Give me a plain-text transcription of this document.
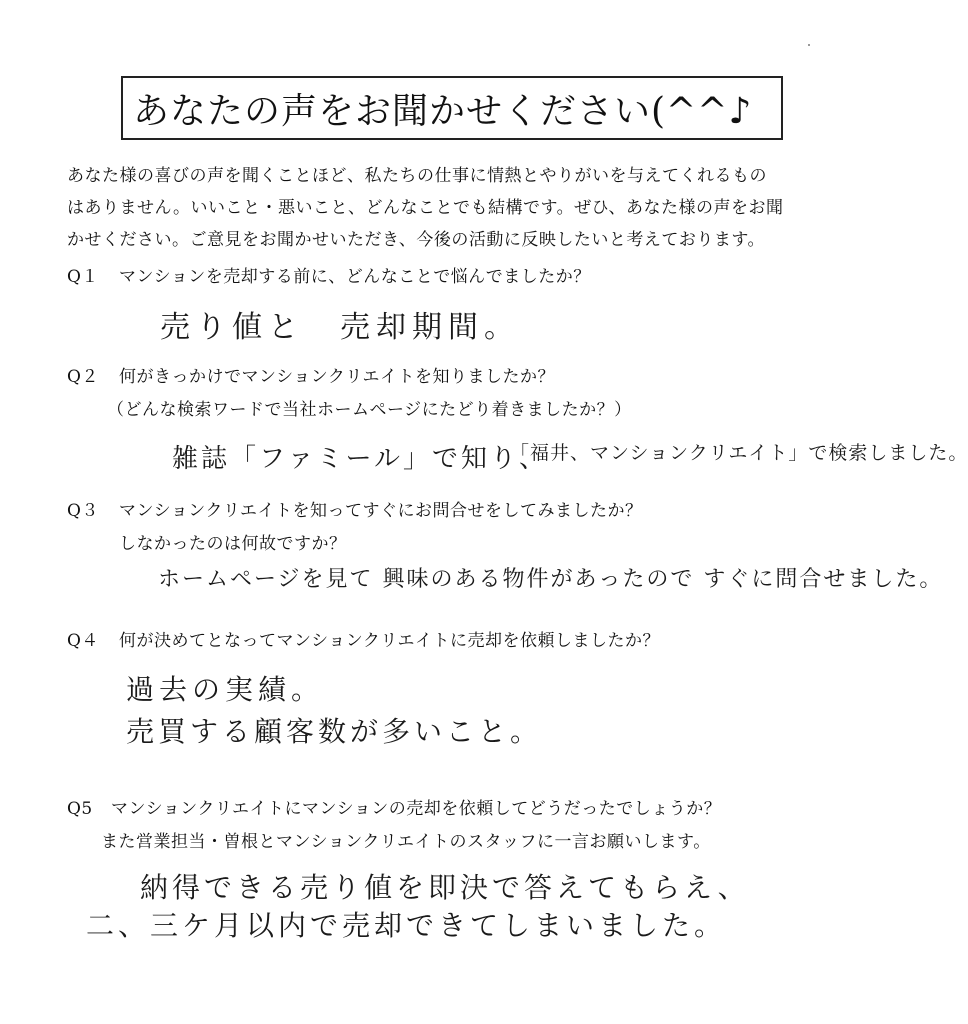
あなたの声をお聞かせください(^^♪
あなた様の喜びの声を聞くことほど、私たちの仕事に情熱とやりがいを与えてくれるもの
はありません。いいこと・悪いこと、どんなことでも結構です。ぜひ、あなた様の声をお聞
かせください。ご意見をお聞かせいただき、今後の活動に反映したいと考えております。
Q１ マンションを売却する前に、どんなことで悩んでましたか？
売り値と　売却期間。
Q２ 何がきっかけでマンションクリエイトを知りましたか？
（どんな検索ワードで当社ホームページにたどり着きましたか？）
雑誌「ファミール」で知り、
「福井、マンションクリエイト」で検索しました。
Q３ マンションクリエイトを知ってすぐにお問合せをしてみましたか？
しなかったのは何故ですか？
ホームページを見て 興味のある物件があったので すぐに問合せました。
Q４ 何が決めてとなってマンションクリエイトに売却を依頼しましたか？
過去の実績。
売買する顧客数が多いこと。
Q5 マンションクリエイトにマンションの売却を依頼してどうだったでしょうか？
また営業担当・曽根とマンションクリエイトのスタッフに一言お願いします。
納得できる売り値を即決で答えてもらえ、
二、三ケ月以内で売却できてしまいました。
